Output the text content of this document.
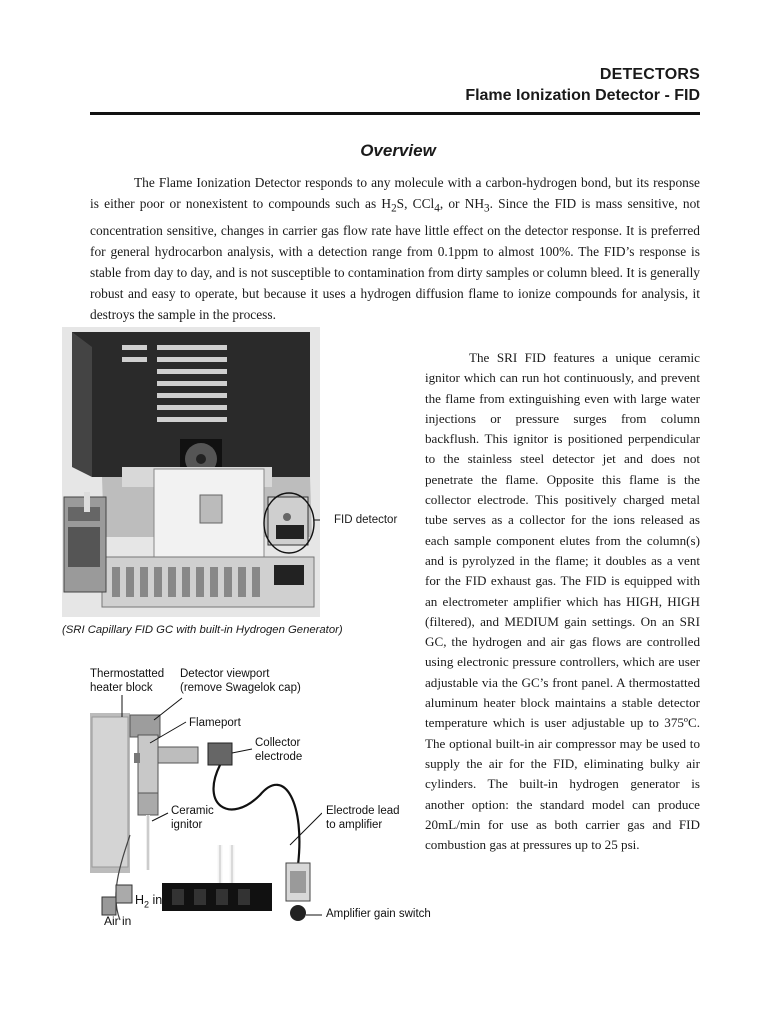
DETECTORS
Flame Ionization Detector - FID
Overview

The Flame Ionization Detector responds to any molecule with a carbon-hydrogen bond, but its response is either poor or nonexistent to compounds such as $H_2S$, CCl$_4$, or $NH_3$. Since the FID is mass sensitive, not concentration sensitive, changes in carrier gas flow rate have little effect on the detector response. It is preferred for general hydrocarbon analysis, with a detection range from 0.1ppm to almost 100%. The FID’s response is stable from day to day, and is not susceptible to contamination from dirty samples or column bleed. It is generally robust and easy to operate, but because it uses a hydrogen diffusion flame to ionize compounds for analysis, it destroys the sample in the process.

FID detector
(SRI Capillary FID GC with built-in Hydrogen Generator)

The SRI FID features a unique ceramic ignitor which can run hot continuously, and prevent the flame from extinguishing even with large water injections or pressure surges from column backflush. This ignitor is positioned perpendicular to the stainless steel detector jet and does not penetrate the flame. Opposite this flame is the collector electrode. This positively charged metal tube serves as a collector for the ions released as each sample component elutes from the column(s) and is pyrolyzed in the flame; it doubles as a vent for the FID exhaust gas. The FID is equipped with an electrometer amplifier which has HIGH, HIGH (filtered), and MEDIUM gain settings. On an SRI GC, the hydrogen and air gas flows are controlled using electronic pressure controllers, which are user adjustable via the GC’s front panel. A thermostatted aluminum heater block maintains a stable detector temperature which is user adjustable up to 375ºC. The optional built-in air compressor may be used to supply the air for the FID, eliminating bulky air cylinders. The built-in hydrogen generator is another option: the standard model can produce 20mL/min for use as both carrier gas and FID combustion gas at pressures up to 25 psi.

Thermostatted
heater block
Detector viewport
(remove Swagelok cap)
Flameport
Collector
electrode
Ceramic
ignitor
Electrode lead
to amplifier
$H_2$ in
Air in	Amplifier gain switch
